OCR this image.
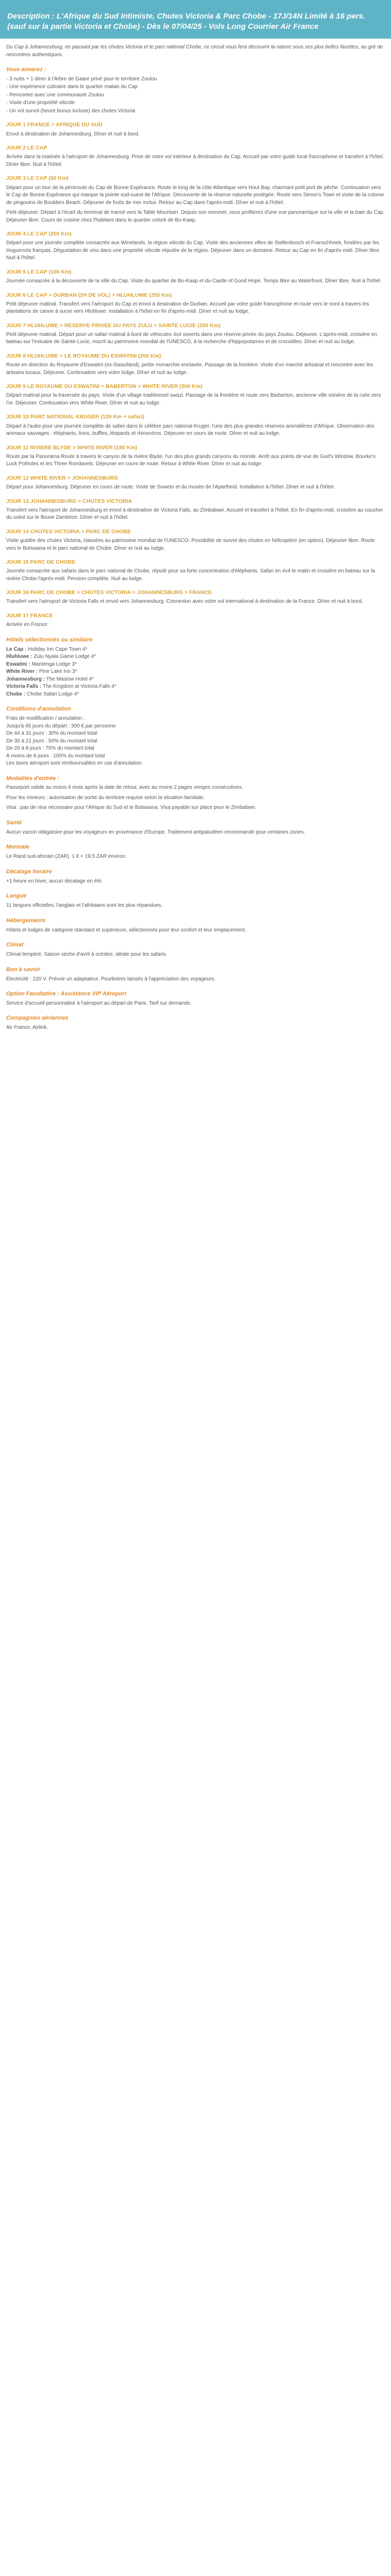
Description : L'Afrique du Sud Intimiste, Chutes Victoria & Parc Chobe - 17J/14N Limité à 16 pers. (sauf sur la partie Victoria et Chobe) - Dès le 07/04/25 - Vols Long Courrier Air France

Du Cap à Johannesburg, en passant par les chutes Victoria et le parc national Chobe, ce circuit vous fera découvrir la nature sous ses plus belles facettes, au gré de rencontres authentiques.

Vous aimerez :
- 3 nuits + 1 diner à l'Arbre de Gaare privé pour le territoire Zoulou
- Une expérience culinaire dans le quartier malais du Cap
- Rencontre avec une communauté Zoulou
- Visite d'une propriété viticole
- Un vol survol (heure bonus incluse) des chutes Victoria
JOUR 1 FRANCE > AFRIQUE DU SUD

Envol à destination de Johannesburg. Dîner et nuit à bord.

JOUR 2 LE CAP

Arrivée dans la matinée à l'aéroport de Johannesburg. Prise de votre vol intérieur à destination du Cap. Accueil par votre guide local francophone et transfert à l'hôtel. Dîner libre. Nuit à l'hôtel.

JOUR 3 LE CAP (50 Km)

Départ pour un tour de la péninsule du Cap de Bonne Espérance. Route le long de la côte Atlantique vers Hout Bay, charmant petit port de pêche. Continuation vers le Cap de Bonne-Espérance qui marque la pointe sud-ouest de l'Afrique. Découverte de la réserve naturelle protégée. Route vers Simon's Town et visite de la colonie de pingouins de Boulders Beach. Déjeuner de fruits de mer inclus. Retour au Cap dans l'après-midi. Dîner et nuit à l'hôtel.

Petit déjeuner. Départ à l'écart du terminal de transit vers la Table Mountain. Depuis son sommet, vous profiterez d'une vue panoramique sur la ville et la baie du Cap. Déjeuner libre. Cours de cuisine chez l'habitant dans le quartier coloré de Bo-Kaap.

JOUR 4 LE CAP (250 Km)

Départ pour une journée complète consacrée aux Winelands, la région viticole du Cap. Visite des anciennes villes de Stellenbosch et Franschhoek, fondées par les Huguenots français. Dégustation de vins dans une propriété viticole réputée de la région. Déjeuner dans un domaine. Retour au Cap en fin d'après-midi. Dîner libre. Nuit à l'hôtel.

JOUR 5 LE CAP (100 Km)

Journée consacrée à la découverte de la ville du Cap. Visite du quartier de Bo-Kaap et du Castle of Good Hope. Temps libre au Waterfront. Dîner libre. Nuit à l'hôtel.

JOUR 6 LE CAP > DURBAN (2H DE VOL) > HLUHLUWE (255 Km)

Petit déjeuner matinal. Transfert vers l'aéroport du Cap et envol à destination de Durban. Accueil par votre guide francophone et route vers le nord à travers les plantations de canne à sucre vers Hluhluwe. Installation à l'hôtel en fin d'après-midi. Dîner et nuit au lodge.

JOUR 7 HLUHLUWE > RESERVE PRIVEE DU PAYS ZULU > SAINTE LUCIE (200 Km)

Petit déjeuner matinal. Départ pour un safari matinal à bord de véhicules 4x4 ouverts dans une réserve privée du pays Zoulou. Déjeuner. L'après-midi, croisière en bateau sur l'estuaire de Sainte Lucie, inscrit au patrimoine mondial de l'UNESCO, à la recherche d'hippopotames et de crocodiles. Dîner et nuit au lodge.

JOUR 8 HLUHLUWE > LE ROYAUME DU ESWATINI (200 Km)

Route en direction du Royaume d'Eswatini (ex-Swaziland), petite monarchie enclavée. Passage de la frontière. Visite d'un marché artisanal et rencontre avec les artisans locaux. Déjeuner. Continuation vers votre lodge. Dîner et nuit au lodge.

JOUR 9 LE ROYAUME DU ESWATINI > BABERTON > WHITE RIVER (300 Km)

Départ matinal pour la traversée du pays. Visite d'un village traditionnel swazi. Passage de la frontière et route vers Barberton, ancienne ville minière de la ruée vers l'or. Déjeuner. Continuation vers White River. Dîner et nuit au lodge.

JOUR 10 PARC NATIONAL KRUGER (120 Km + safari)

Départ à l'aube pour une journée complète de safari dans le célèbre parc national Kruger, l'une des plus grandes réserves animalières d'Afrique. Observation des animaux sauvages : éléphants, lions, buffles, léopards et rhinocéros. Déjeuner en cours de route. Dîner et nuit au lodge.

JOUR 11 RIVIERE BLYDE > WHITE RIVER (190 Km)

Route par la Panorama Route à travers le canyon de la rivière Blyde, l'un des plus grands canyons du monde. Arrêt aux points de vue de God's Window, Bourke's Luck Potholes et les Three Rondavels. Déjeuner en cours de route. Retour à White River. Dîner et nuit au lodge.

JOUR 12 WHITE RIVER > JOHANNESBURG

Départ pour Johannesburg. Déjeuner en cours de route. Visite de Soweto et du musée de l'Apartheid. Installation à l'hôtel. Dîner et nuit à l'hôtel.

JOUR 13 JOHANNESBURG > CHUTES VICTORIA

Transfert vers l'aéroport de Johannesburg et envol à destination de Victoria Falls, au Zimbabwe. Accueil et transfert à l'hôtel. En fin d'après-midi, croisière au coucher du soleil sur le fleuve Zambèze. Dîner et nuit à l'hôtel.

JOUR 14 CHUTES VICTORIA > PARC DE CHOBE

Visite guidée des chutes Victoria, classées au patrimoine mondial de l'UNESCO. Possibilité de survol des chutes en hélicoptère (en option). Déjeuner libre. Route vers le Botswana et le parc national de Chobe. Dîner et nuit au lodge.

JOUR 15 PARC DE CHOBE

Journée consacrée aux safaris dans le parc national de Chobe, réputé pour sa forte concentration d'éléphants. Safari en 4x4 le matin et croisière en bateau sur la rivière Chobe l'après-midi. Pension complète. Nuit au lodge.

JOUR 16 PARC DE CHOBE > CHUTES VICTORIA > JOHANNESBURG > FRANCE

Transfert vers l'aéroport de Victoria Falls et envol vers Johannesburg. Connexion avec votre vol international à destination de la France. Dîner et nuit à bord.

JOUR 17 FRANCE

Arrivée en France.

Hôtels sélectionnés ou similaire

Le Cap : Holiday Inn Cape Town 4*

Hluhluwe : Zulu Nyala Game Lodge 4*

Eswatini : Mantenga Lodge 3*

White River : Pine Lake Inn 3*

Johannesburg : The Maslow Hotel 4*

Victoria Falls : The Kingdom at Victoria Falls 4*

Chobe : Chobe Safari Lodge 4*

Conditions d'annulation

Frais de modification / annulation :

Jusqu'à 45 jours du départ : 300 € par personne

De 44 à 31 jours : 30% du montant total

De 30 à 21 jours : 50% du montant total

De 20 à 8 jours : 75% du montant total

À moins de 8 jours : 100% du montant total

Les taxes aéroport sont remboursables en cas d'annulation.

Modalités d'entrée :

Passeport valide au moins 6 mois après la date de retour, avec au moins 2 pages vierges consécutives.

Pour les mineurs : autorisation de sortie du territoire requise selon la situation familiale.

Visa : pas de visa nécessaire pour l'Afrique du Sud et le Botswana. Visa payable sur place pour le Zimbabwe.

Santé

Aucun vaccin obligatoire pour les voyageurs en provenance d'Europe. Traitement antipaludéen recommandé pour certaines zones.

Monnaie

Le Rand sud-africain (ZAR). 1 € = 19.5 ZAR environ.

Décalage horaire

+1 heure en hiver, aucun décalage en été.

Langue

11 langues officielles, l'anglais et l'afrikaans sont les plus répandues.

Hébergements

Hôtels et lodges de catégorie standard et supérieure, sélectionnés pour leur confort et leur emplacement.

Climat

Climat tempéré. Saison sèche d'avril à octobre, idéale pour les safaris.

Bon à savoir

Électricité : 220 V. Prévoir un adaptateur. Pourboires laissés à l'appréciation des voyageurs.

Option Facultative : Assistance VIP Aéroport

Service d'accueil personnalisé à l'aéroport au départ de Paris. Tarif sur demande.

Compagnies aériennes

Air France, Airlink.
